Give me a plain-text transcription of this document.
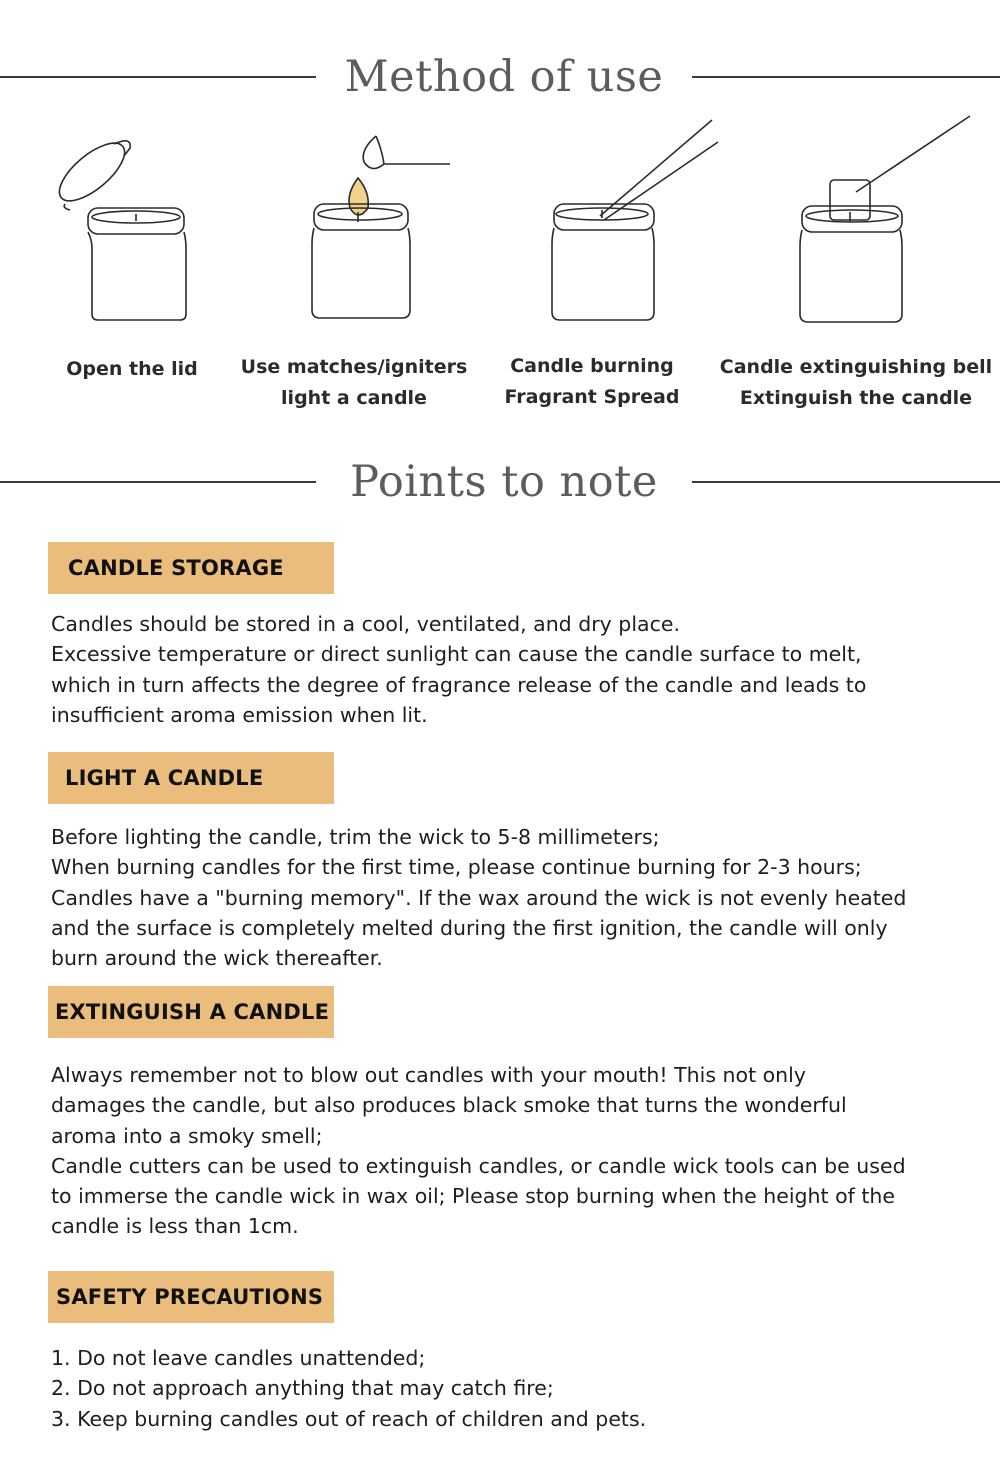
Method of use
Open the lid	Use matches/igniters
light a candle
Candle burning
Fragrant Spread
Candle extinguishing bell
Extinguish the candle
Points to note
CANDLE STORAGE
Candles should be stored in a cool, ventilated, and dry place.
Excessive temperature or direct sunlight can cause the candle surface to melt,
which in turn affects the degree of fragrance release of the candle and leads to
insufficient aroma emission when lit.
LIGHT A CANDLE
Before lighting the candle, trim the wick to 5-8 millimeters;
When burning candles for the first time, please continue burning for 2-3 hours;
Candles have a "burning memory". If the wax around the wick is not evenly heated
and the surface is completely melted during the first ignition, the candle will only
burn around the wick thereafter.
EXTINGUISH A CANDLE
Always remember not to blow out candles with your mouth! This not only
damages the candle, but also produces black smoke that turns the wonderful
aroma into a smoky smell;
Candle cutters can be used to extinguish candles, or candle wick tools can be used
to immerse the candle wick in wax oil; Please stop burning when the height of the
candle is less than 1cm.
SAFETY PRECAUTIONS
1. Do not leave candles unattended;
2. Do not approach anything that may catch fire;
3. Keep burning candles out of reach of children and pets.
